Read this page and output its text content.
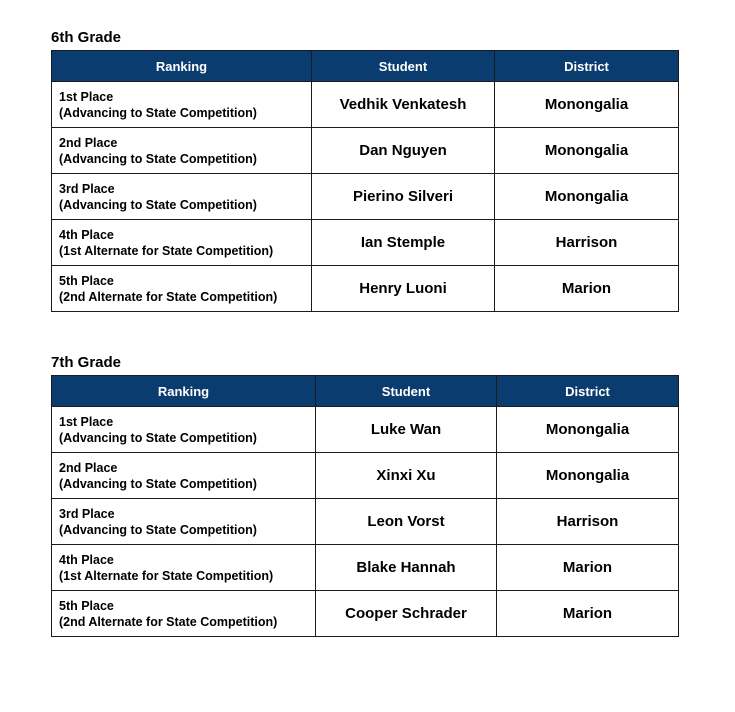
6th Grade
Ranking	Student	District

1st Place
(Advancing to State Competition)	Vedhik Venkatesh	Monongalia

2nd Place
(Advancing to State Competition)	Dan Nguyen	Monongalia

3rd Place
(Advancing to State Competition)	Pierino Silveri	Monongalia

4th Place
(1st Alternate for State Competition)	Ian Stemple	Harrison

5th Place
(2nd Alternate for State Competition)	Henry Luoni	Marion
7th Grade
Ranking	Student	District

1st Place
(Advancing to State Competition)	Luke Wan	Monongalia

2nd Place
(Advancing to State Competition)	Xinxi Xu	Monongalia

3rd Place
(Advancing to State Competition)	Leon Vorst	Harrison

4th Place
(1st Alternate for State Competition)	Blake Hannah	Marion

5th Place
(2nd Alternate for State Competition)	Cooper Schrader	Marion
